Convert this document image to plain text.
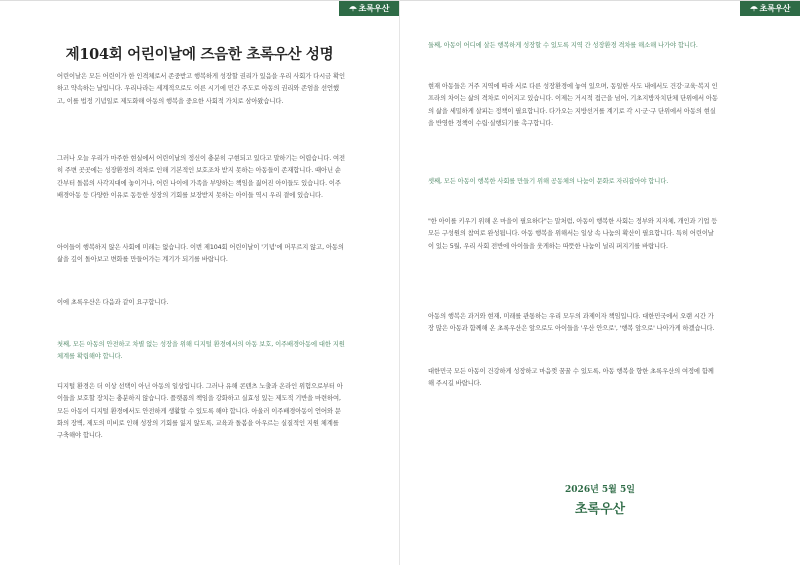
초록우산
제104회 어린이날에 즈음한 초록우산 성명

어린이날은 모든 어린이가 한 인격체로서 존중받고 행복하게 성장할 권리가 있음을 우리 사회가 다시금 확인하고 약속하는 날입니다. 우리나라는 세계적으로도 이른 시기에 민간 주도로 아동의 권리와 존엄을 선언했고, 이를 법정 기념일로 제도화해 아동의 행복을 중요한 사회적 가치로 삼아왔습니다.

그러나 오늘 우리가 마주한 현실에서 어린이날의 정신이 충분히 구현되고 있다고 말하기는 어렵습니다. 여전히 주변 곳곳에는 성장환경의 격차로 인해 기본적인 보호조차 받지 못하는 아동들이 존재합니다. 때아닌 순간부터 돌봄의 사각지대에 놓이거나, 어린 나이에 가족을 부양하는 책임을 짊어진 아이들도 있습니다. 이주배경아동 등 다양한 이유로 동등한 성장의 기회를 보장받지 못하는 아이들 역시 우리 곁에 있습니다.

아이들이 행복하지 않은 사회에 미래는 없습니다. 이번 제104회 어린이날이 '기념'에 머무르지 않고, 아동의 삶을 깊이 돌아보고 변화를 만들어가는 계기가 되기를 바랍니다.

이에 초록우산은 다음과 같이 요구합니다.

첫째, 모든 아동의 안전하고 차별 없는 성장을 위해 디지털 환경에서의 아동 보호, 이주배경아동에 대한 지원 체계를 확립해야 합니다.

디지털 환경은 더 이상 선택이 아닌 아동의 일상입니다. 그러나 유해 콘텐츠 노출과 온라인 위험으로부터 아이들을 보호할 장치는 충분하지 않습니다. 플랫폼의 책임을 강화하고 실효성 있는 제도적 기반을 마련하여, 모든 아동이 디지털 환경에서도 안전하게 생활할 수 있도록 해야 합니다. 아울러 이주배경아동이 언어와 문화의 장벽, 제도의 미비로 인해 성장의 기회를 잃지 않도록, 교육과 돌봄을 아우르는 실질적인 지원 체계를 구축해야 합니다.

초록우산

둘째, 아동이 어디에 살든 행복하게 성장할 수 있도록 지역 간 성장환경 격차를 해소해 나가야 합니다.

현재 아동들은 거주 지역에 따라 서로 다른 성장환경에 놓여 있으며, 동일한 사도 내에서도 건강·교육·복지 인프라의 차이는 삶의 격차로 이어지고 있습니다. 이제는 거시적 접근을 넘어, 기초지방자치단체 단위에서 아동의 삶을 세밀하게 살피는 정책이 필요합니다. 다가오는 지방선거를 계기로 각 시·군·구 단위에서 아동의 현실을 반영한 정책이 수립·실행되기를 촉구합니다.

셋째, 모든 아동이 행복한 사회를 만들기 위해 공동체의 나눔이 문화로 자리잡아야 합니다.

"한 아이를 키우기 위해 온 마을이 필요하다"는 말처럼, 아동이 행복한 사회는 정부와 지자체, 개인과 기업 등 모든 구성원의 참여로 완성됩니다. 아동 행복을 위해서는 일상 속 나눔의 확산이 필요합니다. 특히 어린이날이 있는 5월, 우리 사회 전반에 아이들을 웃게하는 따뜻한 나눔이 널리 퍼지기를 바랍니다.

아동의 행복은 과거와 현재, 미래를 관통하는 우리 모두의 과제이자 책임입니다. 대한민국에서 오랜 시간 가장 많은 아동과 함께해 온 초록우산은 앞으로도 아이들을 '우산 안으로', '행복 앞으로' 나아가게 하겠습니다.

대한민국 모든 아동이 건강하게 성장하고 마음껏 꿈꿀 수 있도록, 아동 행복을 향한 초록우산의 여정에 함께해 주시길 바랍니다.

2026년 5월 5일
초록우산
